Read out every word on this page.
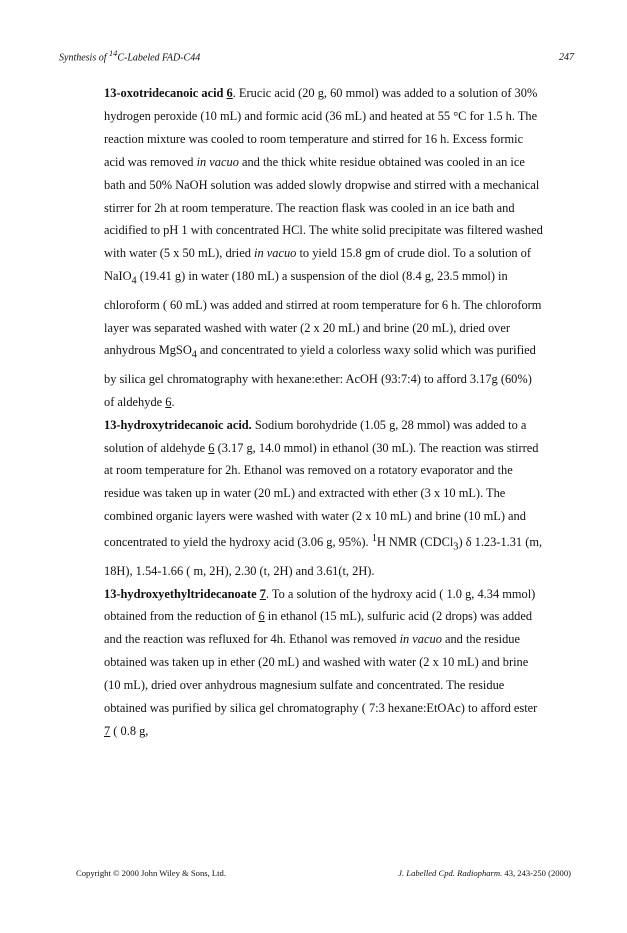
Synthesis of $^{14}$C-Labeled FAD-C44	247

13-oxotridecanoic acid 6. Erucic acid (20 g, 60 mmol) was added to a solution of 30% hydrogen peroxide (10 mL) and formic acid (36 mL) and heated at 55 °C for 1.5 h. The reaction mixture was cooled to room temperature and stirred for 16 h. Excess formic acid was removed in vacuo and the thick white residue obtained was cooled in an ice bath and 50% NaOH solution was added slowly dropwise and stirred with a mechanical stirrer for 2h at room temperature. The reaction flask was cooled in an ice bath and acidified to pH 1 with concentrated HCl. The white solid precipitate was filtered washed with water (5 x 50 mL), dried in vacuo to yield 15.8 gm of crude diol. To a solution of NaIO$_4$ (19.41 g) in water (180 mL) a suspension of the diol (8.4 g, 23.5 mmol) in chloroform ( 60 mL) was added and stirred at room temperature for 6 h. The chloroform layer was separated washed with water (2 x 20 mL) and brine (20 mL), dried over anhydrous MgSO$_4$ and concentrated to yield a colorless waxy solid which was purified by silica gel chromatography with hexane:ether: AcOH (93:7:4) to afford 3.17g (60%) of aldehyde 6.

13-hydroxytridecanoic acid. Sodium borohydride (1.05 g, 28 mmol) was added to a solution of aldehyde 6 (3.17 g, 14.0 mmol) in ethanol (30 mL). The reaction was stirred at room temperature for 2h. Ethanol was removed on a rotatory evaporator and the residue was taken up in water (20 mL) and extracted with ether (3 x 10 mL). The combined organic layers were washed with water (2 x 10 mL) and brine (10 mL) and concentrated to yield the hydroxy acid (3.06 g, 95%). $^1$H NMR (CDCl$_3$) δ 1.23-1.31 (m, 18H), 1.54-1.66 ( m, 2H), 2.30 (t, 2H) and 3.61(t, 2H).

13-hydroxyethyltridecanoate 7. To a solution of the hydroxy acid ( 1.0 g, 4.34 mmol) obtained from the reduction of 6 in ethanol (15 mL), sulfuric acid (2 drops) was added and the reaction was refluxed for 4h. Ethanol was removed in vacuo and the residue obtained was taken up in ether (20 mL) and washed with water (2 x 10 mL) and brine (10 mL), dried over anhydrous magnesium sulfate and concentrated. The residue obtained was purified by silica gel chromatography ( 7:3 hexane:EtOAc) to afford ester 7 ( 0.8 g,

Copyright © 2000 John Wiley & Sons, Ltd.	J. Labelled Cpd. Radiopharm. 43, 243-250 (2000)
